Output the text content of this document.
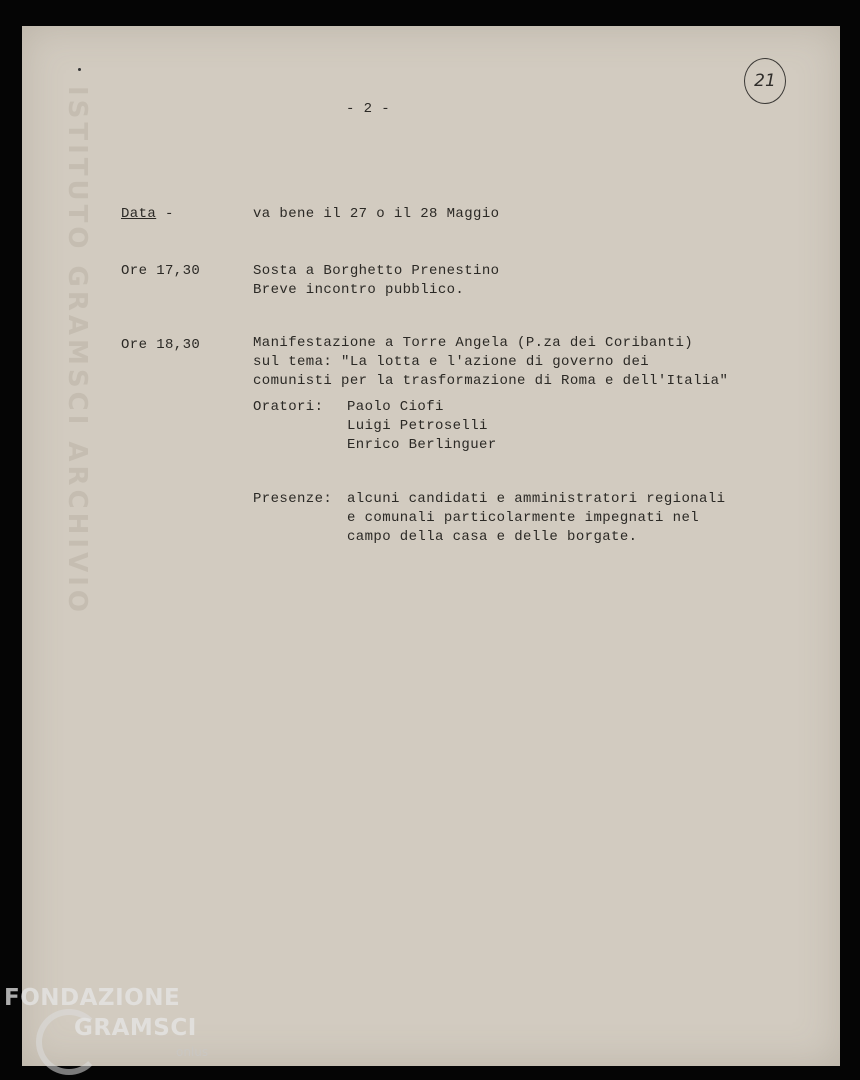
ISTITUTO GRAMSCI ARCHIVIO	- 2 -
21
Data -	va bene il 27 o il 28 Maggio
Ore 17,30	Sosta a Borghetto Prenestino
Breve incontro pubblico.
Ore 18,30	Manifestazione a Torre Angela (P.za dei Coribanti)
sul tema: "La lotta e l'azione di governo dei
comunisti per la trasformazione di Roma e dell'Italia"
Oratori: Paolo Ciofi
Luigi Petroselli
Enrico Berlinguer
Presenze: alcuni candidati e amministratori regionali
e comunali particolarmente impegnati nel
campo della casa e delle borgate.
FONDAZIONE
GRAMSCI
onlus
